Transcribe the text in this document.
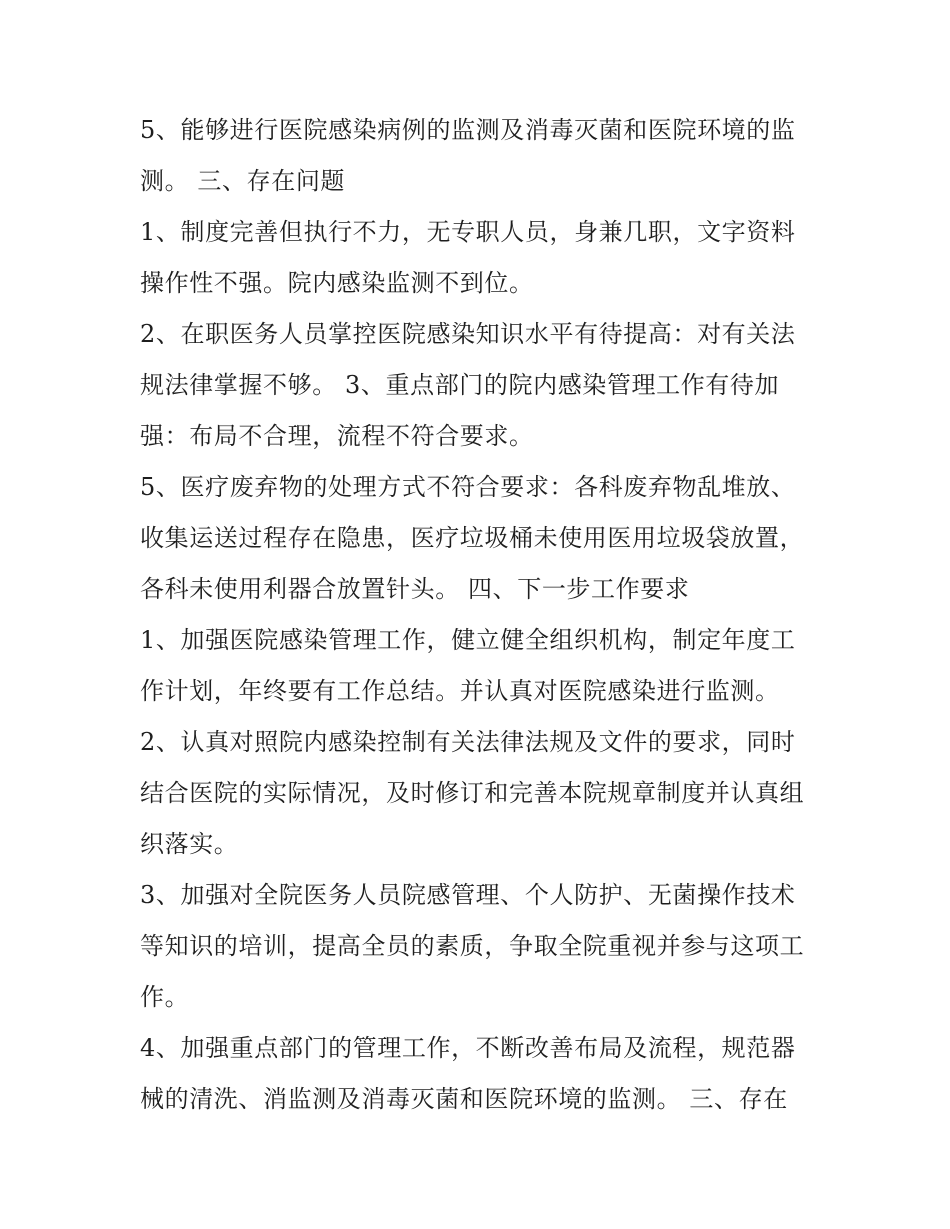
5、能够进行医院感染病例的监测及消毒灭菌和医院环境的监
测。 三、存在问题
1、制度完善但执行不力，无专职人员，身兼几职，文字资料
操作性不强。院内感染监测不到位。
2、在职医务人员掌控医院感染知识水平有待提高：对有关法
规法律掌握不够。 3、重点部门的院内感染管理工作有待加
强：布局不合理，流程不符合要求。
5、医疗废弃物的处理方式不符合要求：各科废弃物乱堆放、
收集运送过程存在隐患，医疗垃圾桶未使用医用垃圾袋放置，
各科未使用利器合放置针头。 四、下一步工作要求
1、加强医院感染管理工作，健立健全组织机构，制定年度工
作计划，年终要有工作总结。并认真对医院感染进行监测。
2、认真对照院内感染控制有关法律法规及文件的要求，同时
结合医院的实际情况，及时修订和完善本院规章制度并认真组
织落实。
3、加强对全院医务人员院感管理、个人防护、无菌操作技术
等知识的培训，提高全员的素质，争取全院重视并参与这项工
作。
4、加强重点部门的管理工作，不断改善布局及流程，规范器
械的清洗、消监测及消毒灭菌和医院环境的监测。 三、存在
